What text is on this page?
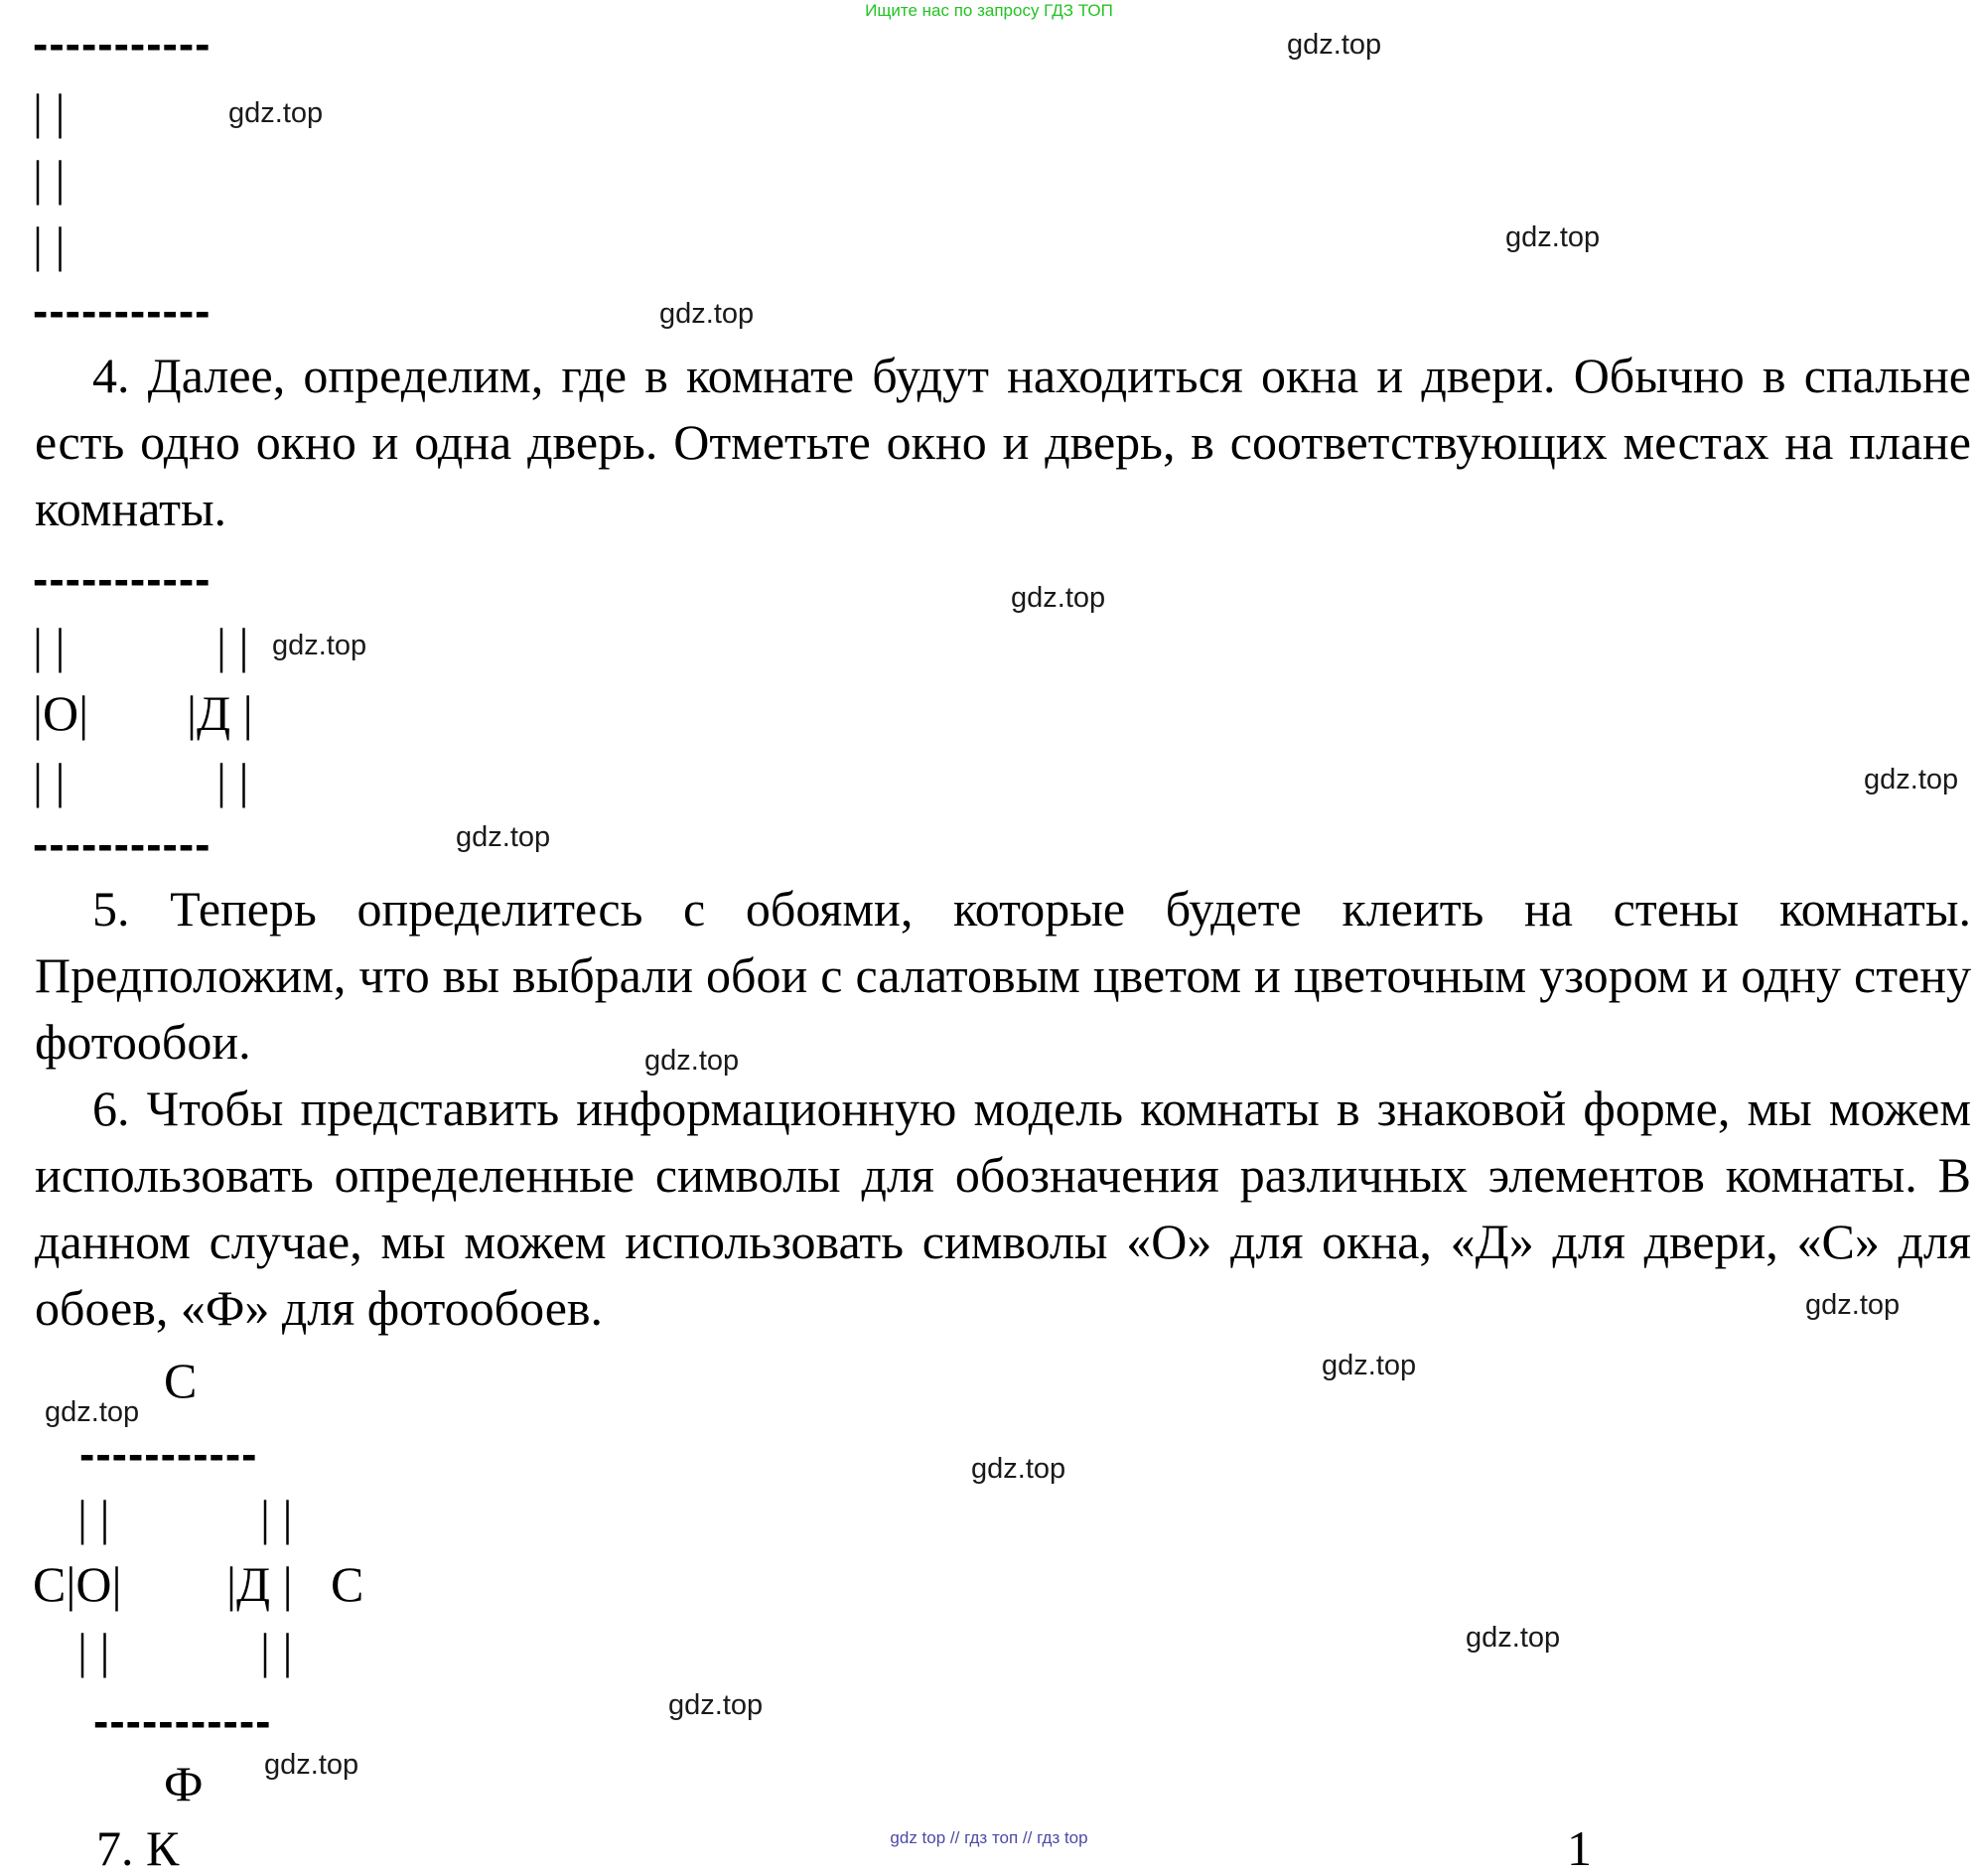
Ищите нас по запросу ГДЗ ТОП
-----------
| |
| |
| |
-----------
4. Далее, определим, где в комнате будут находиться окна и двери. Обычно в спальне есть одно окно и одна дверь. Отметьте окно и дверь, в соответствующих местах на плане комнаты.
-----------
| |	| |
|О| |Д |
| |	| |
-----------
5. Теперь определитесь с обоями, которые будете клеить на стены комнаты. Предположим, что вы выбрали обои с салатовым цветом и цветочным узором и одну стену фотообои.
6. Чтобы представить информационную модель комнаты в знаковой форме, мы можем использовать определенные символы для обозначения различных элементов комнаты. В данном случае, мы можем использовать символы «О» для окна, «Д» для двери, «С» для обоев, «Ф» для фотообоев.
С
-----------
| |	| |
С|О| |Д | С
| |	| |
-----------
Ф
7. К	1
gdz.top
gdz.top
gdz.top
gdz.top
gdz.top
gdz.top
gdz.top
gdz.top
gdz.top
gdz.top
gdz.top
gdz.top
gdz.top
gdz.top
gdz.top
gdz.top
gdz top // гдз топ // гдз top
